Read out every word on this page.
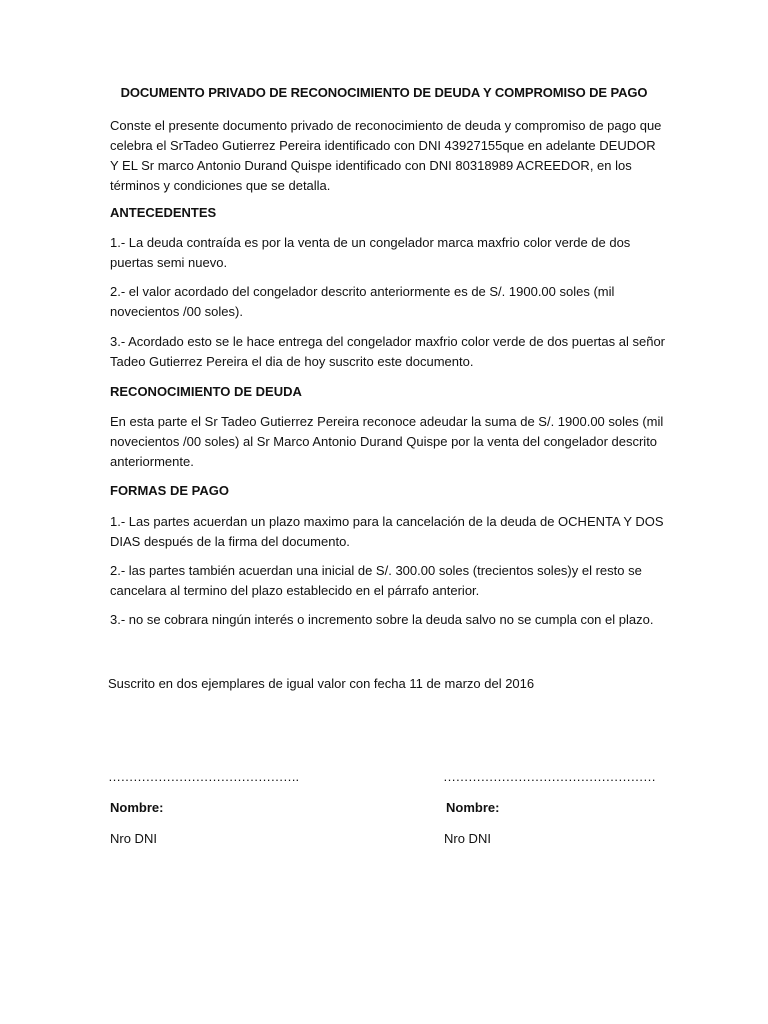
DOCUMENTO PRIVADO DE RECONOCIMIENTO DE DEUDA Y COMPROMISO DE PAGO
Conste el presente documento privado de reconocimiento de deuda y compromiso de pago que celebra el SrTadeo Gutierrez Pereira identificado con DNI 43927155que en adelante DEUDOR Y EL Sr marco Antonio Durand Quispe identificado con DNI 80318989 ACREEDOR, en los términos y condiciones que se detalla.
ANTECEDENTES
1.- La deuda contraída es por la venta de un congelador marca maxfrio color verde de dos puertas semi nuevo.
2.- el valor acordado del congelador descrito anteriormente es de S/. 1900.00 soles (mil novecientos /00 soles).
3.- Acordado esto se le hace entrega del congelador maxfrio color verde de dos puertas al señor Tadeo Gutierrez Pereira el dia de hoy suscrito este documento.
RECONOCIMIENTO DE DEUDA
En esta parte el Sr Tadeo Gutierrez Pereira reconoce adeudar la suma de S/. 1900.00 soles (mil novecientos /00 soles) al Sr Marco Antonio Durand Quispe por la venta del congelador descrito anteriormente.
FORMAS DE PAGO
1.- Las partes acuerdan un plazo maximo para la cancelación de la deuda de OCHENTA Y DOS DIAS después de la firma del documento.
2.- las partes también acuerdan una inicial de S/. 300.00 soles (trecientos soles)y el resto se cancelara al termino del plazo establecido en el párrafo anterior.
3.- no se cobrara ningún interés o incremento sobre la deuda salvo no se cumpla con el plazo.
Suscrito en dos ejemplares de igual valor con fecha 11 de marzo del 2016
……………………………………….	……………………………………………
Nombre:	Nombre:
Nro DNI	Nro DNI
